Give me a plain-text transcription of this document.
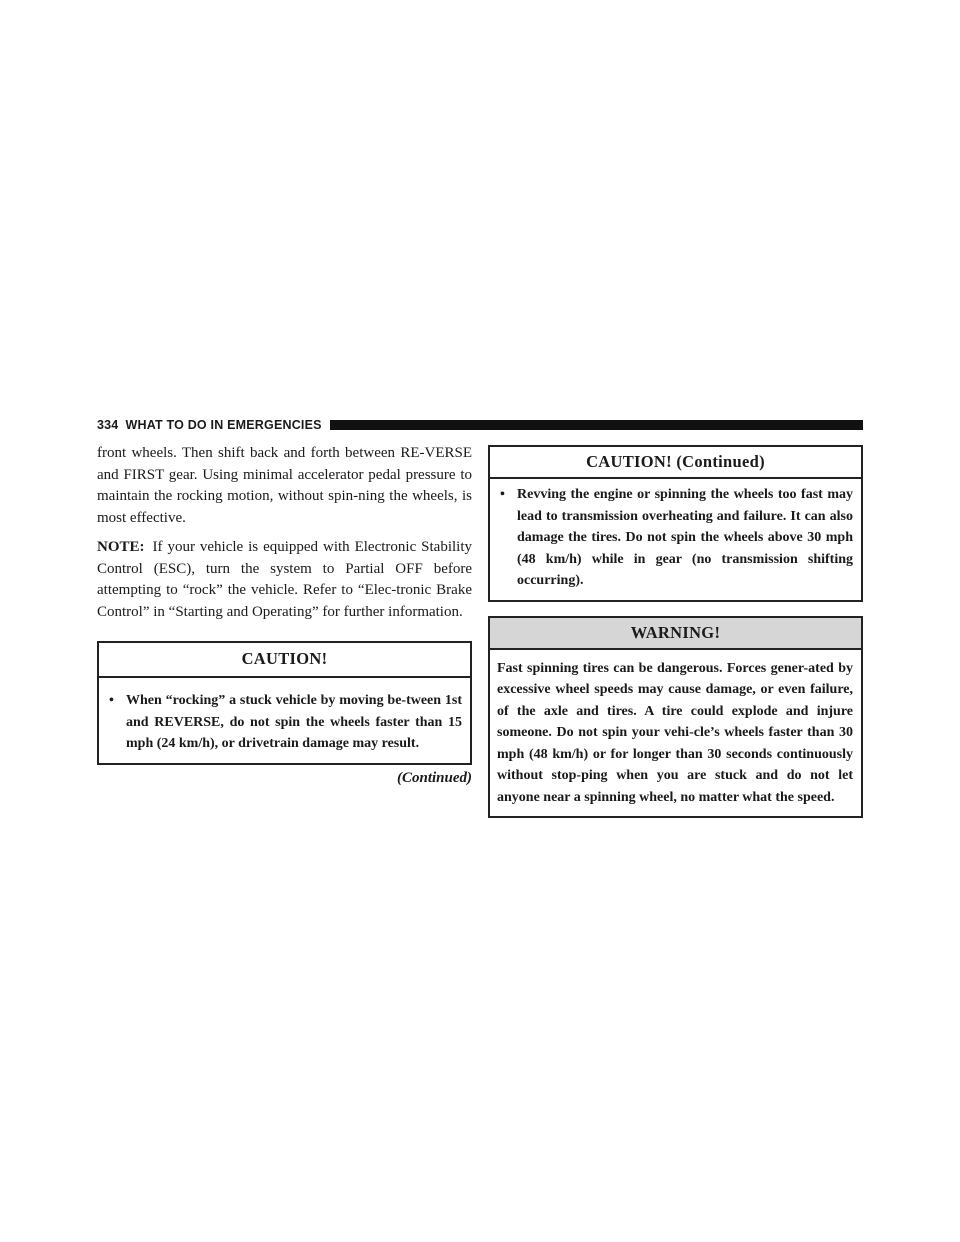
334 WHAT TO DO IN EMERGENCIES

front wheels. Then shift back and forth between RE-VERSE and FIRST gear. Using minimal accelerator pedal pressure to maintain the rocking motion, without spin-ning the wheels, is most effective.

NOTE: If your vehicle is equipped with Electronic Stability Control (ESC), turn the system to Partial OFF before attempting to “rock” the vehicle. Refer to “Elec-tronic Brake Control” in “Starting and Operating” for further information.

CAUTION!
• When “rocking” a stuck vehicle by moving be-tween 1st and REVERSE, do not spin the wheels faster than 15 mph (24 km/h), or drivetrain damage may result.
(Continued)
CAUTION! (Continued)
• Revving the engine or spinning the wheels too fast may lead to transmission overheating and failure. It can also damage the tires. Do not spin the wheels above 30 mph (48 km/h) while in gear (no transmission shifting occurring).
WARNING!
Fast spinning tires can be dangerous. Forces gener-ated by excessive wheel speeds may cause damage, or even failure, of the axle and tires. A tire could explode and injure someone. Do not spin your vehi-cle’s wheels faster than 30 mph (48 km/h) or for longer than 30 seconds continuously without stop-ping when you are stuck and do not let anyone near a spinning wheel, no matter what the speed.
